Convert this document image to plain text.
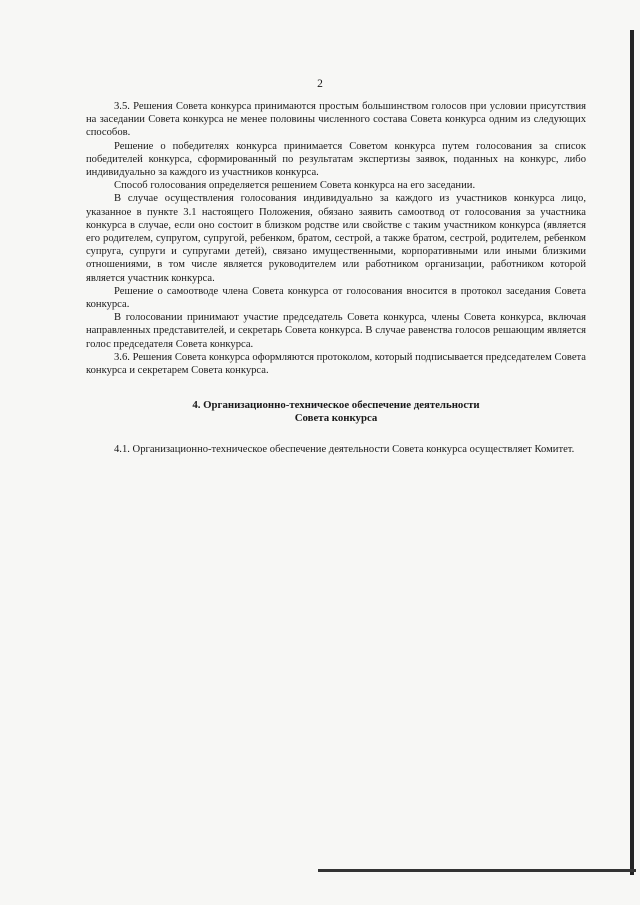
2

3.5. Решения Совета конкурса принимаются простым большинством голосов при условии присутствия на заседании Совета конкурса не менее половины численного состава Совета конкурса одним из следующих способов.

Решение о победителях конкурса принимается Советом конкурса путем голосования за список победителей конкурса, сформированный по результатам экспертизы заявок, поданных на конкурс, либо индивидуально за каждого из участников конкурса.

Способ голосования определяется решением Совета конкурса на его заседании.

В случае осуществления голосования индивидуально за каждого из участников конкурса лицо, указанное в пункте 3.1 настоящего Положения, обязано заявить самоотвод от голосования за участника конкурса в случае, если оно состоит в близком родстве или свойстве с таким участником конкурса (является его родителем, супругом, супругой, ребенком, братом, сестрой, а также братом, сестрой, родителем, ребенком супруга, супруги и супругами детей), связано имущественными, корпоративными или иными близкими отношениями, в том числе является руководителем или работником организации, работником которой является участник конкурса.

Решение о самоотводе члена Совета конкурса от голосования вносится в протокол заседания Совета конкурса.

В голосовании принимают участие председатель Совета конкурса, члены Совета конкурса, включая направленных представителей, и секретарь Совета конкурса. В случае равенства голосов решающим является голос председателя Совета конкурса.

3.6. Решения Совета конкурса оформляются протоколом, который подписывается председателем Совета конкурса и секретарем Совета конкурса.

4. Организационно-техническое обеспечение деятельности
Совета конкурса

4.1. Организационно-техническое обеспечение деятельности Совета конкурса осуществляет Комитет.
